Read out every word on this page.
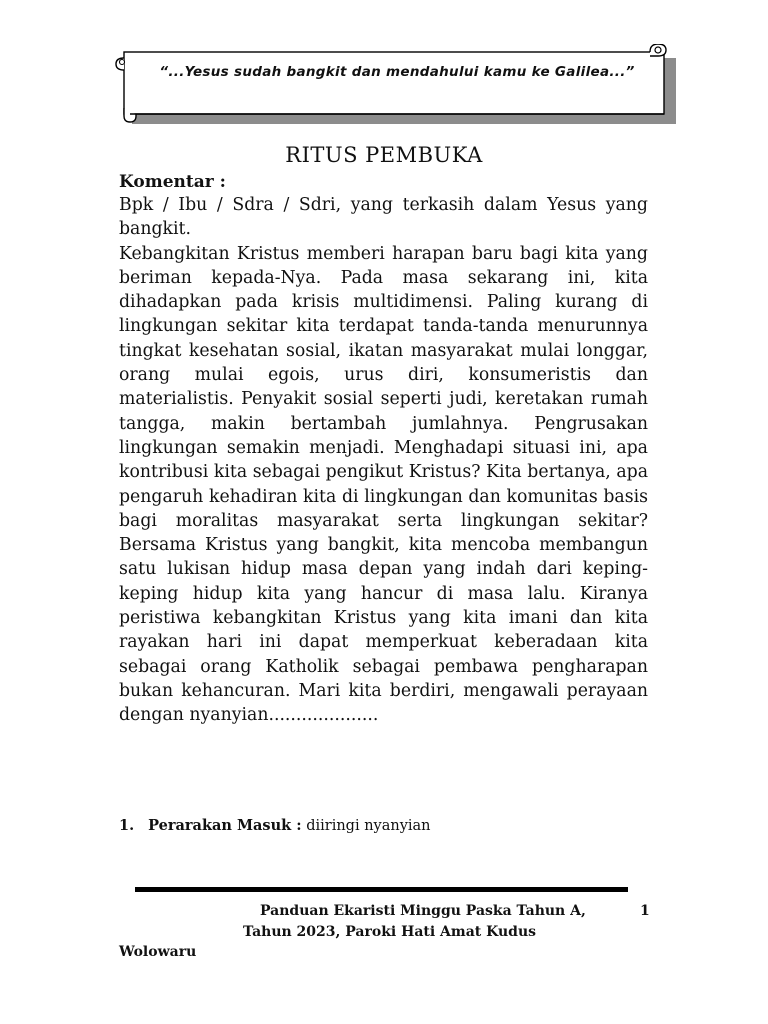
“...Yesus sudah bangkit dan mendahului kamu ke Galilea...”
RITUS PEMBUKA
Komentar :

Bpk / Ibu / Sdra / Sdri, yang terkasih dalam Yesus yang bangkit.

Kebangkitan Kristus memberi harapan baru bagi kita yang beriman kepada-Nya. Pada masa sekarang ini, kita dihadapkan pada krisis multidimensi. Paling kurang di lingkungan sekitar kita terdapat tanda-tanda menurunnya tingkat kesehatan sosial, ikatan masyarakat mulai longgar, orang mulai egois, urus diri, konsumeristis dan materialistis. Penyakit sosial seperti judi, keretakan rumah tangga, makin bertambah jumlahnya. Pengrusakan lingkungan semakin menjadi. Menghadapi situasi ini, apa kontribusi kita sebagai pengikut Kristus? Kita bertanya, apa pengaruh kehadiran kita di lingkungan dan komunitas basis bagi moralitas masyarakat serta lingkungan sekitar? Bersama Kristus yang bangkit, kita mencoba membangun satu lukisan hidup masa depan yang indah dari keping-keping hidup kita yang hancur di masa lalu. Kiranya peristiwa kebangkitan Kristus yang kita imani dan kita rayakan hari ini dapat memperkuat keberadaan kita sebagai orang Katholik sebagai pembawa pengharapan bukan kehancuran. Mari kita berdiri, mengawali perayaan dengan nyanyian....................

1. Perarakan Masuk : diiringi nyanyian
Panduan Ekaristi Minggu Paska Tahun A,	1
Tahun 2023, Paroki Hati Amat Kudus
Wolowaru
